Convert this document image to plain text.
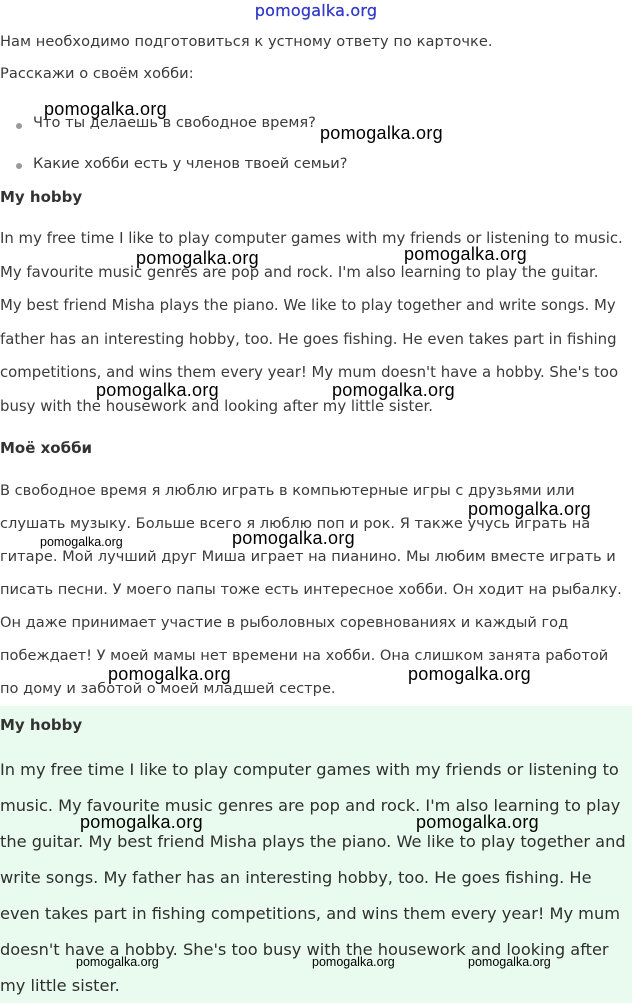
pomogalka.org
Нам необходимо подготовиться к устному ответу по карточке.
Расскажи о своём хобби:
Что ты делаешь в свободное время?
Какие хобби есть у членов твоей семьи?
My hobby
In my free time I like to play computer games with my friends or listening to music.
My favourite music genres are pop and rock. I'm also learning to play the guitar.
My best friend Misha plays the piano. We like to play together and write songs. My
father has an interesting hobby, too. He goes fishing. He even takes part in fishing
competitions, and wins them every year! My mum doesn't have a hobby. She's too
busy with the housework and looking after my little sister.
Моё хобби
В свободное время я люблю играть в компьютерные игры с друзьями или
слушать музыку. Больше всего я люблю поп и рок. Я также учусь играть на
гитаре. Мой лучший друг Миша играет на пианино. Мы любим вместе играть и
писать песни. У моего папы тоже есть интересное хобби. Он ходит на рыбалку.
Он даже принимает участие в рыболовных соревнованиях и каждый год
побеждает! У моей мамы нет времени на хобби. Она слишком занята работой
по дому и заботой о моей младшей сестре.
My hobby
In my free time I like to play computer games with my friends or listening to
music. My favourite music genres are pop and rock. I'm also learning to play
the guitar. My best friend Misha plays the piano. We like to play together and
write songs. My father has an interesting hobby, too. He goes fishing. He
even takes part in fishing competitions, and wins them every year! My mum
doesn't have a hobby. She's too busy with the housework and looking after
my little sister.
pomogalka.org
pomogalka.org
pomogalka.org	pomogalka.org
pomogalka.org	pomogalka.org
pomogalka.org
pomogalka.org	pomogalka.org
pomogalka.org	pomogalka.org
pomogalka.org	pomogalka.org
pomogalka.org	pomogalka.org	pomogalka.org
